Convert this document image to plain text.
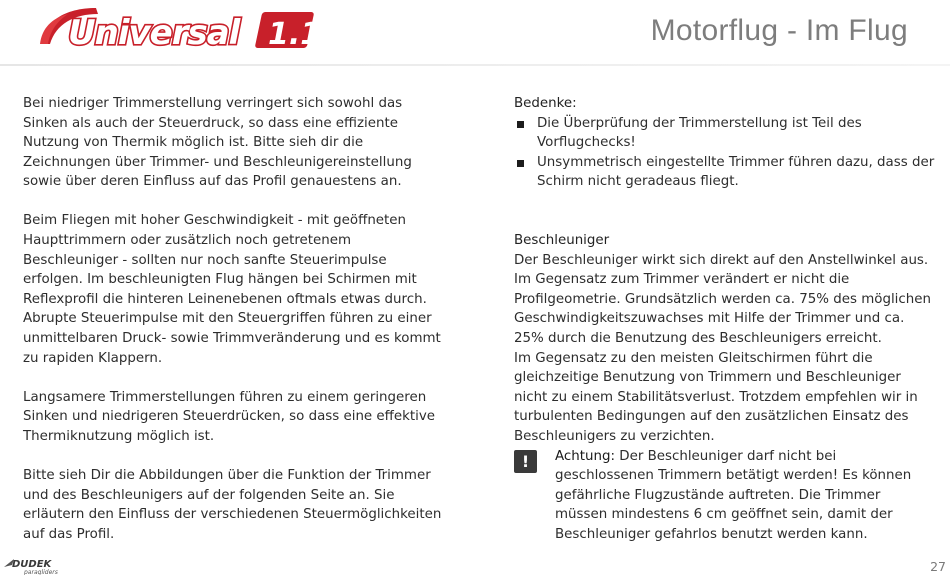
Universal 1.1	Motorflug - Im Flug

Bei niedriger Trimmerstellung verringert sich sowohl das Sinken als auch der Steuerdruck, so dass eine effiziente Nutzung von Thermik möglich ist. Bitte sieh dir die Zeichnungen über Trimmer- und Beschleunigereinstellung sowie über deren Einfluss auf das Profil genauestens an.

Beim Fliegen mit hoher Geschwindigkeit - mit geöffneten Haupttrimmern oder zusätzlich noch getretenem Beschleuniger - sollten nur noch sanfte Steuerimpulse erfolgen. Im beschleunigten Flug hängen bei Schirmen mit Reflexprofil die hinteren Leinenebenen oftmals etwas durch. Abrupte Steuerimpulse mit den Steuergriffen führen zu einer unmittelbaren Druck- sowie Trimmveränderung und es kommt zu rapiden Klappern.

Langsamere Trimmerstellungen führen zu einem geringeren Sinken und niedrigeren Steuerdrücken, so dass eine effektive Thermiknutzung möglich ist.

Bitte sieh Dir die Abbildungen über die Funktion der Trimmer und des Beschleunigers auf der folgenden Seite an. Sie erläutern den Einfluss der verschiedenen Steuermöglichkeiten auf das Profil.

Bedenke:

Die Überprüfung der Trimmerstellung ist Teil des Vorflugchecks!
Unsymmetrisch eingestellte Trimmer führen dazu, dass der Schirm nicht geradeaus fliegt.

Beschleuniger

Der Beschleuniger wirkt sich direkt auf den Anstellwinkel aus. Im Gegensatz zum Trimmer verändert er nicht die Profilgeometrie. Grundsätzlich werden ca. 75% des möglichen Geschwindigkeitszuwachses mit Hilfe der Trimmer und ca. 25% durch die Benutzung des Beschleunigers erreicht.

Im Gegensatz zu den meisten Gleitschirmen führt die gleichzeitige Benutzung von Trimmern und Beschleuniger nicht zu einem Stabilitätsverlust. Trotzdem empfehlen wir in turbulenten Bedingungen auf den zusätzlichen Einsatz des Beschleunigers zu verzichten.

!	Achtung: Der Beschleuniger darf nicht bei geschlossenen Trimmern betätigt werden! Es können gefährliche Flugzustände auftreten. Die Trimmer müssen mindestens 6 cm geöffnet sein, damit der Beschleuniger gefahrlos benutzt werden kann.
DUDEK
paragliders	27
